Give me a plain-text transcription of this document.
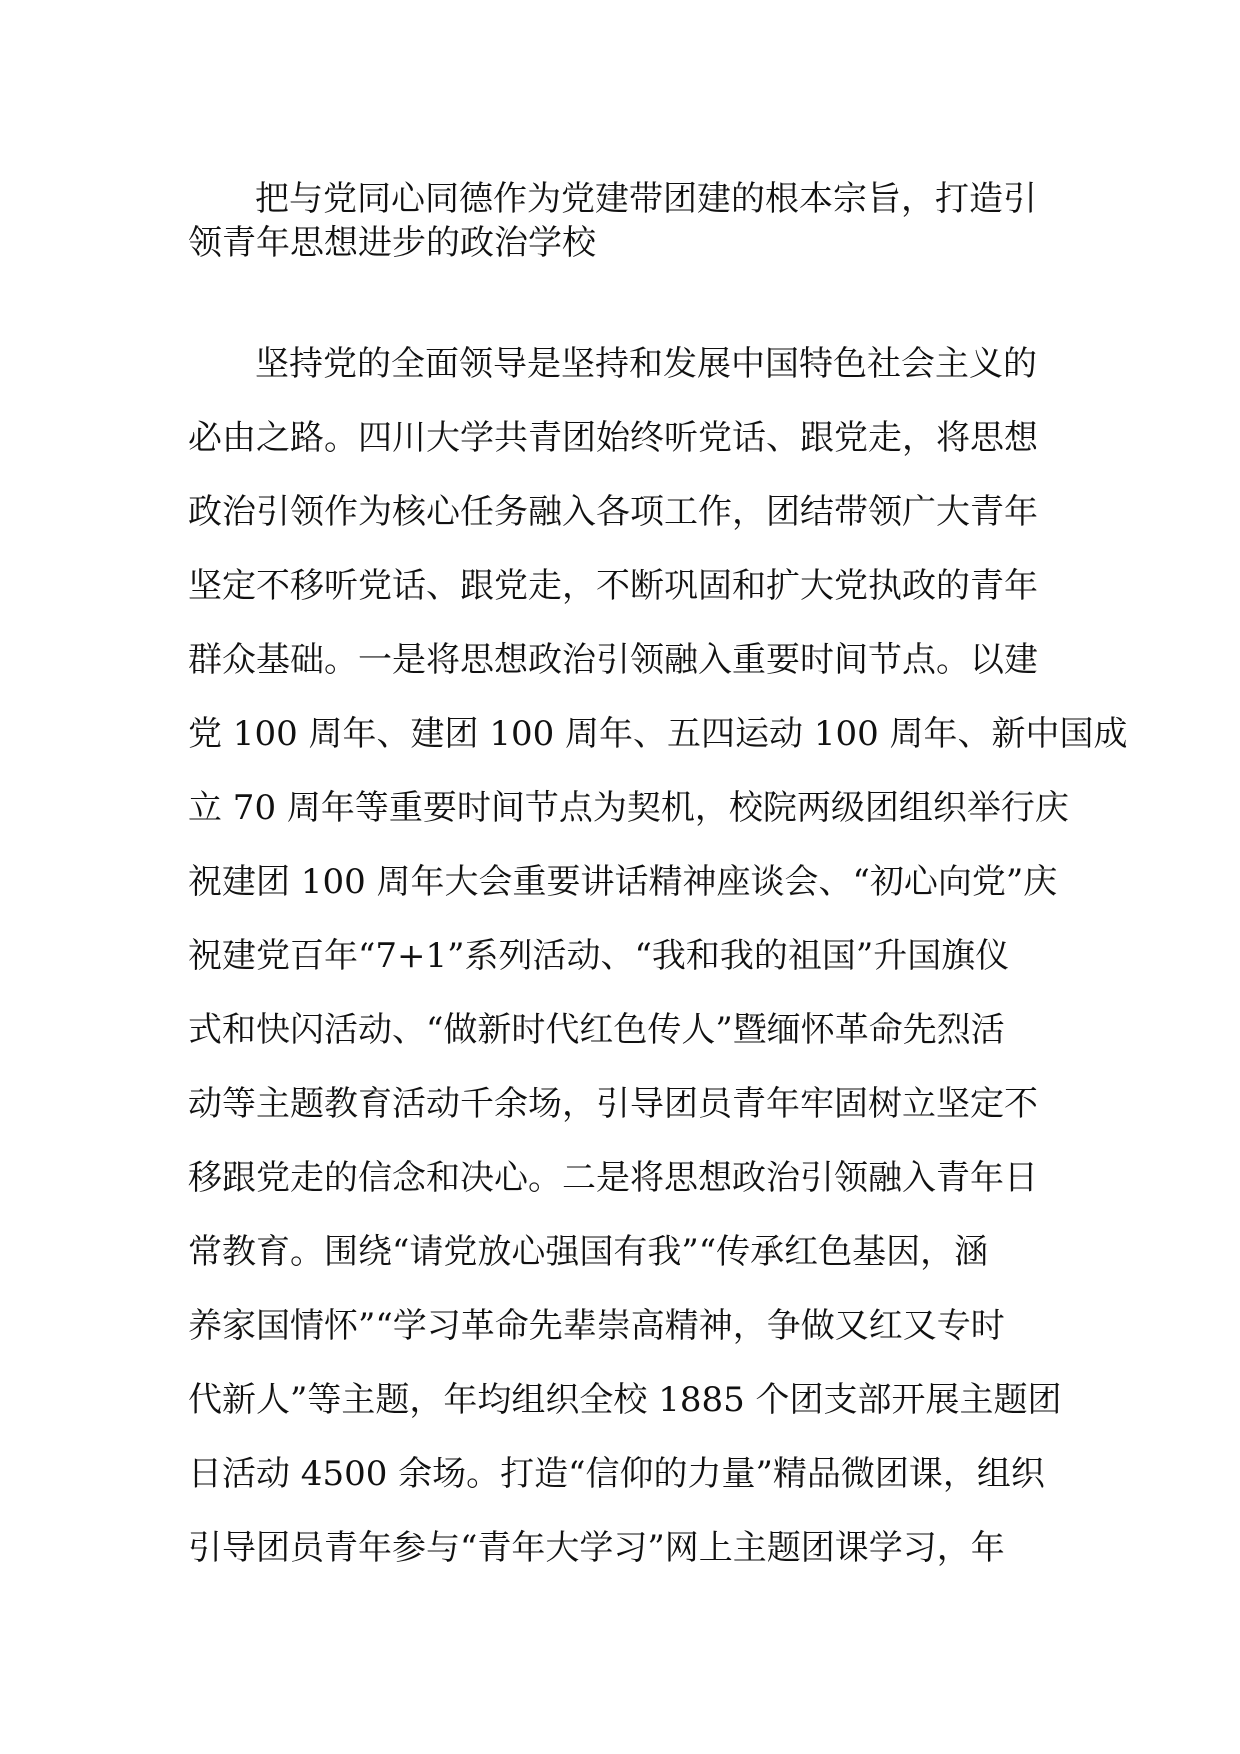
把与党同心同德作为党建带团建的根本宗旨，打造引

领青年思想进步的政治学校

坚持党的全面领导是坚持和发展中国特色社会主义的

必由之路。四川大学共青团始终听党话、跟党走，将思想

政治引领作为核心任务融入各项工作，团结带领广大青年

坚定不移听党话、跟党走，不断巩固和扩大党执政的青年

群众基础。一是将思想政治引领融入重要时间节点。以建

党 100 周年、建团 100 周年、五四运动 100 周年、新中国成

立 70 周年等重要时间节点为契机，校院两级团组织举行庆

祝建团 100 周年大会重要讲话精神座谈会、“初心向党”庆

祝建党百年“7+1”系列活动、“我和我的祖国”升国旗仪

式和快闪活动、“做新时代红色传人”暨缅怀革命先烈活

动等主题教育活动千余场，引导团员青年牢固树立坚定不

移跟党走的信念和决心。二是将思想政治引领融入青年日

常教育。围绕“请党放心强国有我”“传承红色基因，涵

养家国情怀”“学习革命先辈崇高精神，争做又红又专时

代新人”等主题，年均组织全校 1885 个团支部开展主题团

日活动 4500 余场。打造“信仰的力量”精品微团课，组织

引导团员青年参与“青年大学习”网上主题团课学习，年
